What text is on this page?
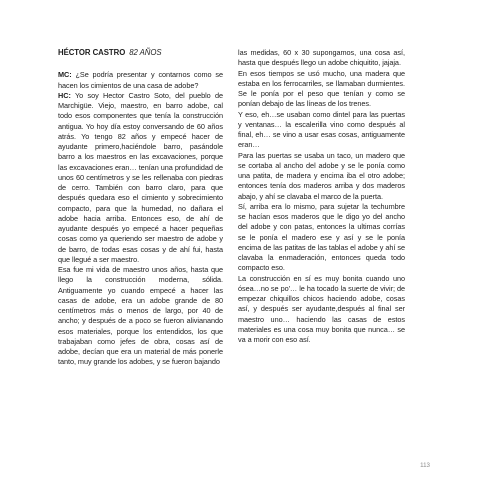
HÉCTOR CASTRO 82 AÑOS

MC: ¿Se podría presentar y contarnos como se hacen los cimientos de una casa de adobe?

HC: Yo soy Hector Castro Soto, del pueblo de Marchigüe. Viejo, maestro, en barro adobe, cal todo esos componentes que tenía la construcción antigua. Yo hoy día estoy conversando de 60 años atrás. Yo tengo 82 años y empecé hacer de ayudante primero,haciéndole barro, pasándole barro a los maestros en las excavaciones, porque las excavaciones eran… tenían una profundidad de unos 60 centímetros y se les rellenaba con piedras de cerro. También con barro claro, para que después quedara eso el cimiento y sobrecimiento compacto, para que la humedad, no dañara el adobe hacia arriba. Entonces eso, de ahí de ayudante después yo empecé a hacer pequeñas cosas como ya queriendo ser maestro de adobe y de barro, de todas esas cosas y de ahí fui, hasta que llegué a ser maestro.

Esa fue mi vida de maestro unos años, hasta que llego la construcción moderna, sólida. Antiguamente yo cuando empecé a hacer las casas de adobe, era un adobe grande de 80 centímetros más o menos de largo, por 40 de ancho; y después de a poco se fueron alivianando esos materiales, porque los entendidos, los que trabajaban como jefes de obra, cosas así de adobe, decían que era un material de más ponerle tanto, muy grande los adobes, y se fueron bajando

las medidas, 60 x 30 supongamos, una cosa así, hasta que después llego un adobe chiquitito, jajaja.

En esos tiempos se usó mucho, una madera que estaba en los ferrocarriles, se llamaban durmientes. Se le ponía por el peso que tenían y como se ponían debajo de las líneas de los trenes.

Y eso, eh…se usaban como dintel para las puertas y ventanas… la escalerilla vino como después al final, eh… se vino a usar esas cosas, antiguamente eran…

Para las puertas se usaba un taco, un madero que se cortaba al ancho del adobe y se le ponía como una patita, de madera y encima iba el otro adobe; entonces tenía dos maderos arriba y dos maderos abajo, y ahí se clavaba el marco de la puerta.

Sí, arriba era lo mismo, para sujetar la techumbre se hacían esos maderos que le digo yo del ancho del adobe y con patas, entonces la ultimas corrías se le ponía el madero ese y así y se le ponía encima de las patitas de las tablas el adobe y ahí se clavaba la enmaderación, entonces queda todo compacto eso.

La construcción en sí es muy bonita cuando uno ósea…no se po'… le ha tocado la suerte de vivir; de empezar chiquillos chicos haciendo adobe, cosas así, y después ser ayudante,después al final ser maestro uno… haciendo las casas de estos materiales es una cosa muy bonita que nunca… se va a morir con eso así.

113
